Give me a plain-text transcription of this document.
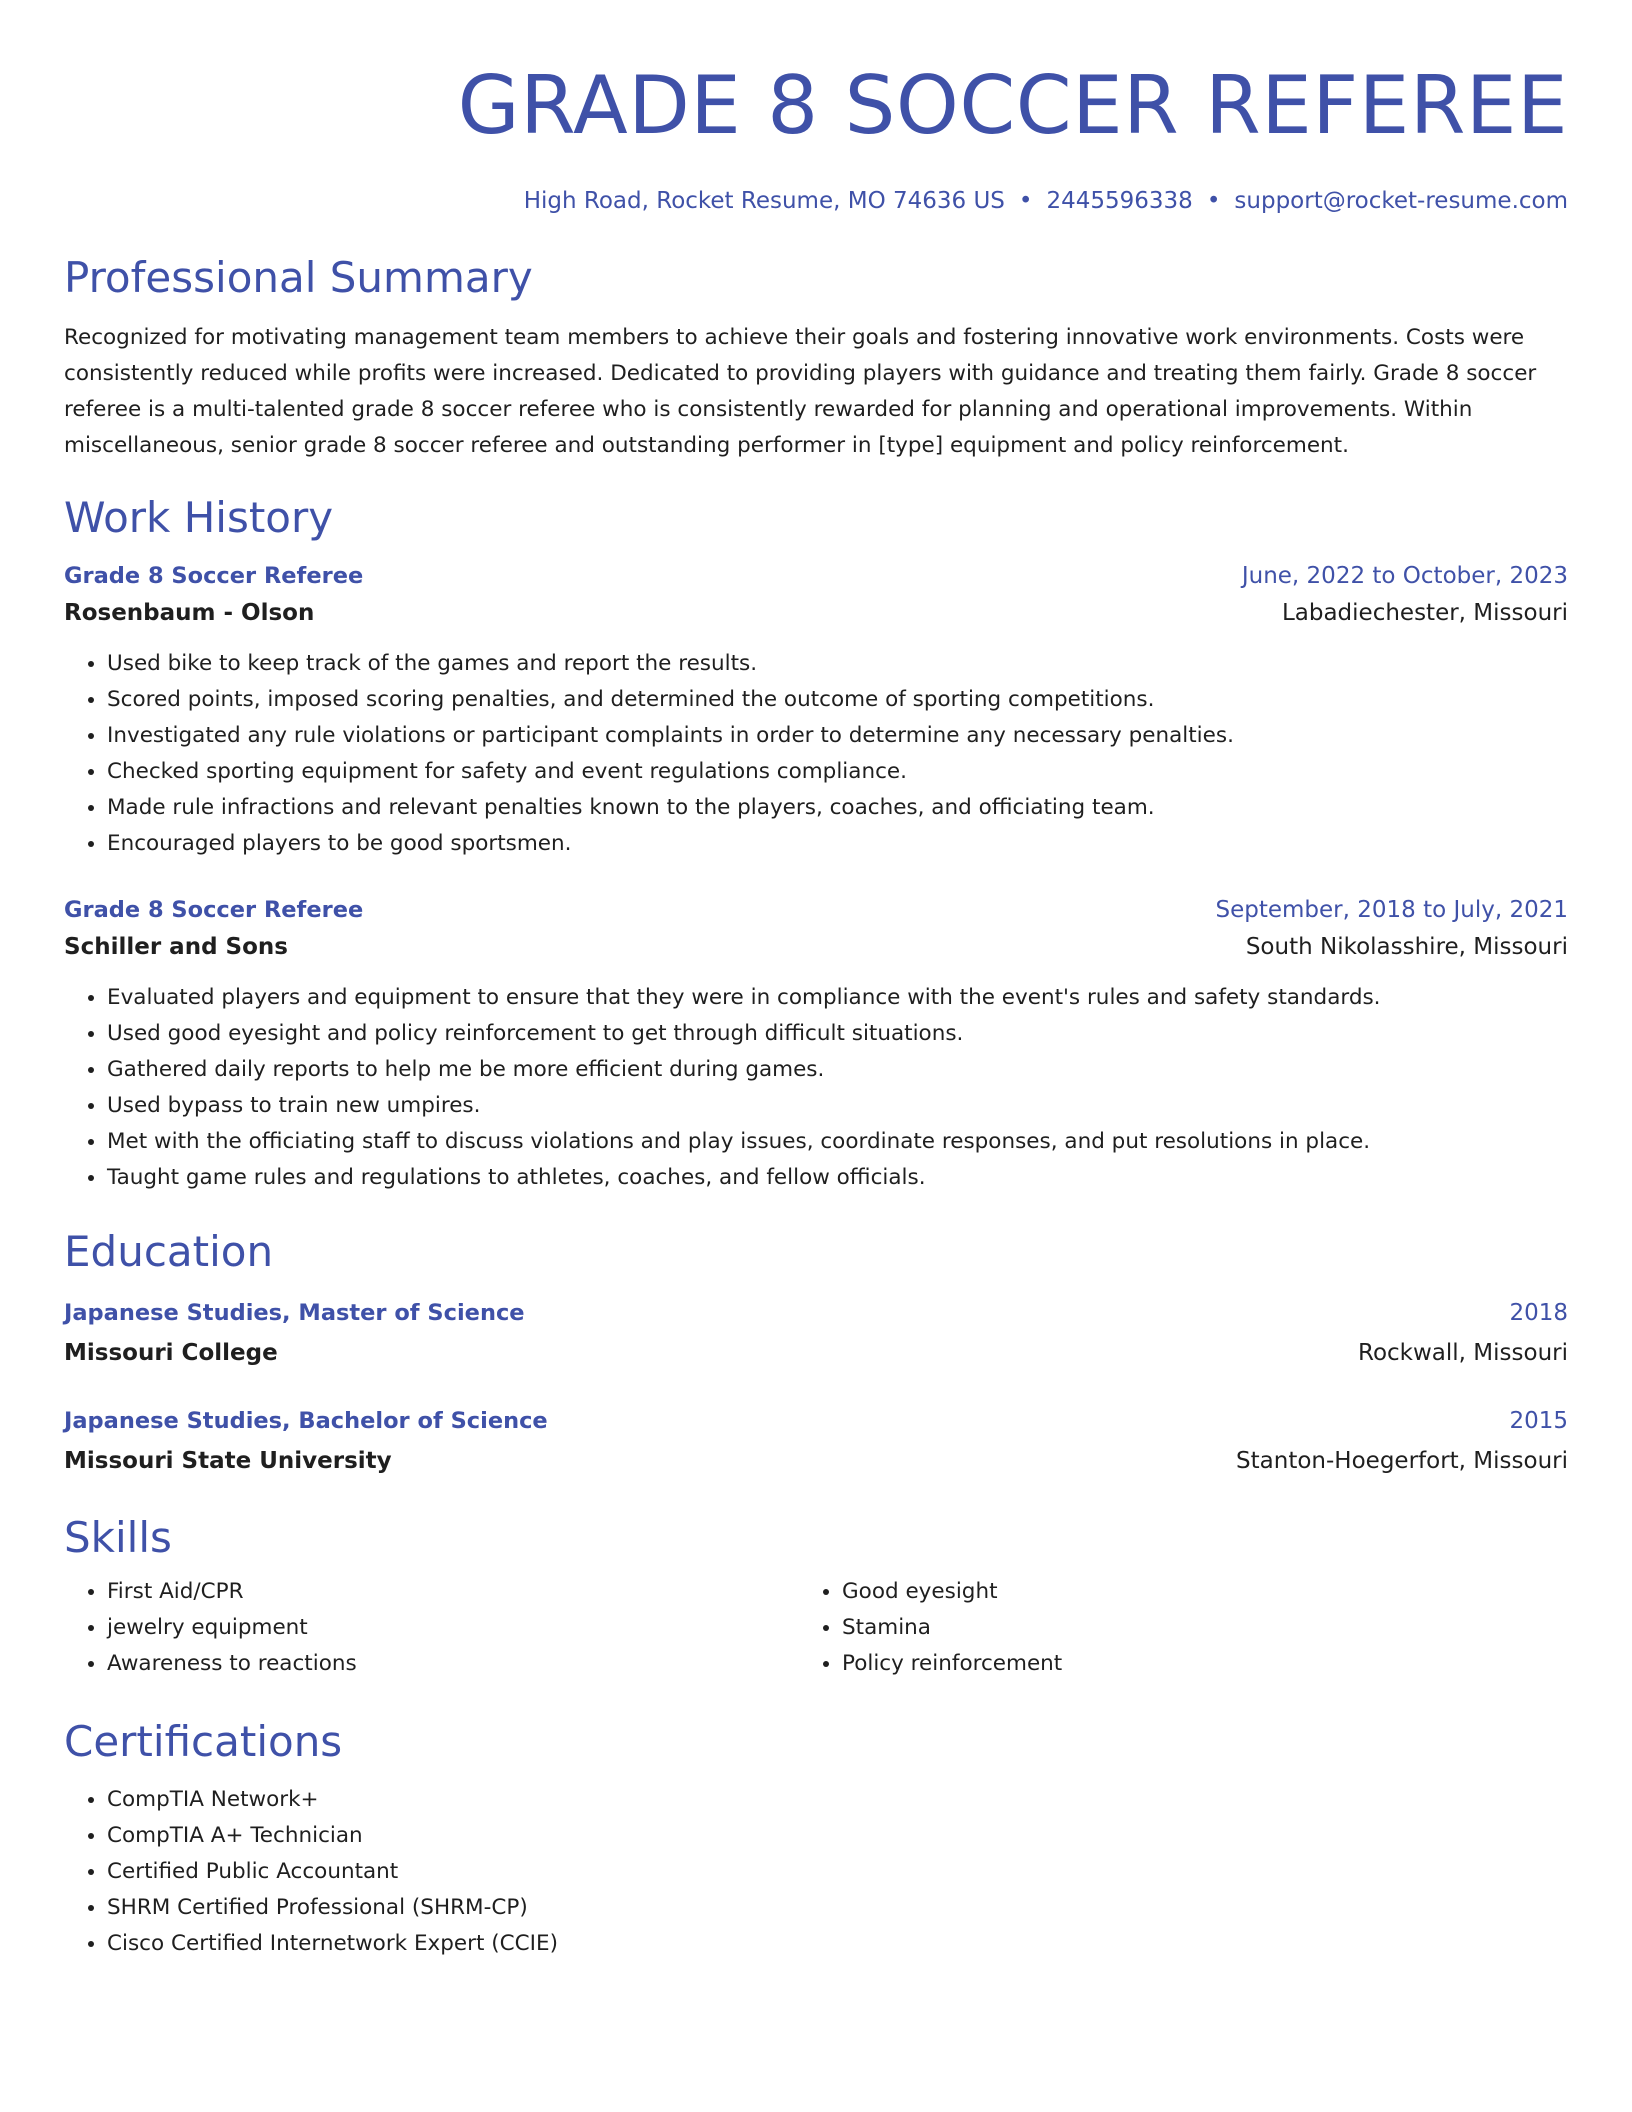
GRADE 8 SOCCER REFEREE
High Road, Rocket Resume, MO 74636 US • 2445596338 • support@rocket-resume.com
Professional Summary
Recognized for motivating management team members to achieve their goals and fostering innovative work environments. Costs were consistently reduced while profits were increased. Dedicated to providing players with guidance and treating them fairly. Grade 8 soccer referee is a multi-talented grade 8 soccer referee who is consistently rewarded for planning and operational improvements. Within miscellaneous, senior grade 8 soccer referee and outstanding performer in [type] equipment and policy reinforcement.
Work History
Grade 8 Soccer Referee	June, 2022 to October, 2023
Rosenbaum - Olson	Labadiechester, Missouri
• Used bike to keep track of the games and report the results.
• Scored points, imposed scoring penalties, and determined the outcome of sporting competitions.
• Investigated any rule violations or participant complaints in order to determine any necessary penalties.
• Checked sporting equipment for safety and event regulations compliance.
• Made rule infractions and relevant penalties known to the players, coaches, and officiating team.
• Encouraged players to be good sportsmen.
Grade 8 Soccer Referee	September, 2018 to July, 2021
Schiller and Sons	South Nikolasshire, Missouri
• Evaluated players and equipment to ensure that they were in compliance with the event's rules and safety standards.
• Used good eyesight and policy reinforcement to get through difficult situations.
• Gathered daily reports to help me be more efficient during games.
• Used bypass to train new umpires.
• Met with the officiating staff to discuss violations and play issues, coordinate responses, and put resolutions in place.
• Taught game rules and regulations to athletes, coaches, and fellow officials.
Education
Japanese Studies, Master of Science	2018
Missouri College	Rockwall, Missouri
Japanese Studies, Bachelor of Science	2015
Missouri State University	Stanton-Hoegerfort, Missouri
Skills
• First Aid/CPR
• jewelry equipment
• Awareness to reactions
• Good eyesight
• Stamina
• Policy reinforcement
Certifications
• CompTIA Network+
• CompTIA A+ Technician
• Certified Public Accountant
• SHRM Certified Professional (SHRM-CP)
• Cisco Certified Internetwork Expert (CCIE)
